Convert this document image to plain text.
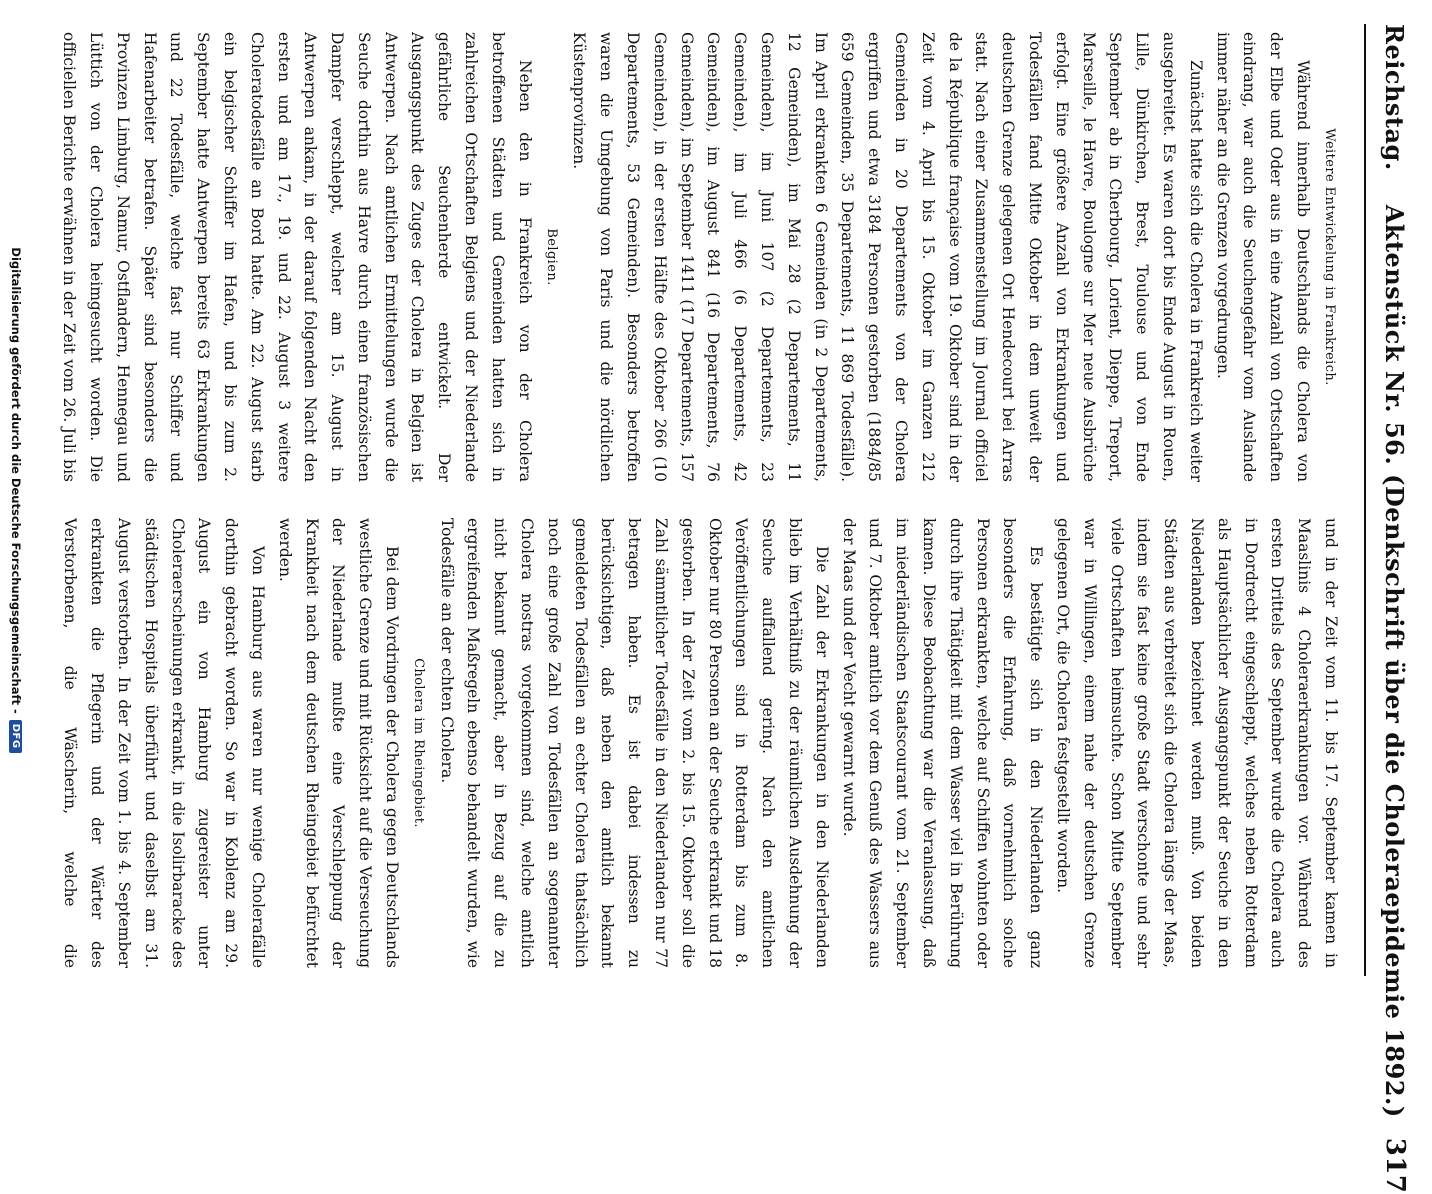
Reichstag.
Aktenstück Nr. 56. (Denkschrift über die Choleraepidemie 1892.)
317

Weitere Entwickelung in Frankreich.

Während innerhalb Deutschlands die Cholera von der Elbe und Oder aus in eine Anzahl von Ortschaften eindrang, war auch die Seuchengefahr vom Auslande immer näher an die Grenzen vorgedrungen.

Zunächst hatte sich die Cholera in Frankreich weiter ausgebreitet. Es waren dort bis Ende August in Rouen, Lille, Dünkirchen, Brest, Toulouse und von Ende September ab in Cherbourg, Lorient, Dieppe, Treport, Marseille, le Havre, Boulogne sur Mer neue Ausbrüche erfolgt. Eine größere Anzahl von Erkrankungen und Todesfällen fand Mitte Oktober in dem unweit der deutschen Grenze gelegenen Ort Hendecourt bei Arras statt. Nach einer Zusammenstellung im Journal officiel de la République française vom 19. Oktober sind in der Zeit vom 4. April bis 15. Oktober im Ganzen 212 Gemeinden in 20 Departements von der Cholera ergriffen und etwa 3184 Personen gestorben (1884/85 659 Gemeinden, 35 Departements, 11 869 Todesfälle). Im April erkrankten 6 Gemeinden (in 2 Departements, 12 Gemeinden), im Mai 28 (2 Departements, 11 Gemeinden), im Juni 107 (2 Departements, 23 Gemeinden), im Juli 466 (6 Departements, 42 Gemeinden), im August 841 (16 Departements, 76 Gemeinden), im September 1411 (17 Departements, 157 Gemeinden), in der ersten Hälfte des Oktober 266 (10 Departements, 53 Gemeinden). Besonders betroffen waren die Umgebung von Paris und die nördlichen Küstenprovinzen.

Belgien.

Neben den in Frankreich von der Cholera betroffenen Städten und Gemeinden hatten sich in zahlreichen Ortschaften Belgiens und der Niederlande gefährliche Seuchenherde entwickelt. Der Ausgangspunkt des Zuges der Cholera in Belgien ist Antwerpen. Nach amtlichen Ermittelungen wurde die Seuche dorthin aus Havre durch einen französischen Dampfer verschleppt, welcher am 15. August in Antwerpen ankam, in der darauf folgenden Nacht den ersten und am 17., 19. und 22. August 3 weitere Choleratodesfälle an Bord hatte. Am 22. August starb ein belgischer Schiffer im Hafen, und bis zum 2. September hatte Antwerpen bereits 63 Erkrankungen und 22 Todesfälle, welche fast nur Schiffer und Hafenarbeiter betrafen. Später sind besonders die Provinzen Limburg, Namur, Ostflandern, Hennegau und Lüttich von der Cholera heimgesucht worden. Die officiellen Berichte erwähnen in der Zeit vom 26. Juli bis

und in der Zeit vom 11. bis 17. September kamen in Maaslinis 4 Choleraerkrankungen vor. Während des ersten Drittels des September wurde die Cholera auch in Dordrecht eingeschleppt, welches neben Rotterdam als Hauptsächlicher Ausgangspunkt der Seuche in den Niederlanden bezeichnet werden muß. Von beiden Städten aus verbreitet sich die Cholera längs der Maas, indem sie fast keine große Stadt verschonte und sehr viele Ortschaften heimsuchte. Schon Mitte September war in Willingen, einem nahe der deutschen Grenze gelegenen Ort, die Cholera festgestellt worden.

Es bestätigte sich in den Niederlanden ganz besonders die Erfahrung, daß vornehmlich solche Personen erkrankten, welche auf Schiffen wohnten oder durch ihre Thätigkeit mit dem Wasser viel in Berührung kamen. Diese Beobachtung war die Veranlassung, daß im niederländischen Staatscourant vom 21. September und 7. Oktober amtlich vor dem Genuß des Wassers aus der Maas und der Vecht gewarnt wurde.

Die Zahl der Erkrankungen in den Niederlanden blieb im Verhältniß zu der räumlichen Ausdehnung der Seuche auffallend gering. Nach den amtlichen Veröffentlichungen sind in Rotterdam bis zum 8. Oktober nur 80 Personen an der Seuche erkrankt und 18 gestorben. In der Zeit vom 2. bis 15. Oktober soll die Zahl sämmtlicher Todesfälle in den Niederlanden nur 77 betragen haben. Es ist dabei indessen zu berücksichtigen, daß neben den amtlich bekannt gemeldeten Todesfällen an echter Cholera thatsächlich noch eine große Zahl von Todesfällen an sogenannter Cholera nostras vorgekommen sind, welche amtlich nicht bekannt gemacht, aber in Bezug auf die zu ergreifenden Maßregeln ebenso behandelt wurden, wie Todesfälle an der echten Cholera.

Cholera im Rheingebiet.

Bei dem Vordringen der Cholera gegen Deutschlands westliche Grenze und mit Rücksicht auf die Verseuchung der Niederlande mußte eine Verschleppung der Krankheit nach dem deutschen Rheingebiet befürchtet werden.

Von Hamburg aus waren nur wenige Cholerafälle dorthin gebracht worden. So war in Koblenz am 29. August ein von Hamburg zugereister unter Choleraerscheinungen erkrankt, in die Isolirbaracke des städtischen Hospitals überführt und daselbst am 31. August verstorben. In der Zeit vom 1. bis 4. September erkrankten die Pflegerin und der Wärter des Verstorbenen, die Wäscherin, welche die

Digitalisierung gefördert durch die Deutsche Forschungsgemeinschaft -
DFG
